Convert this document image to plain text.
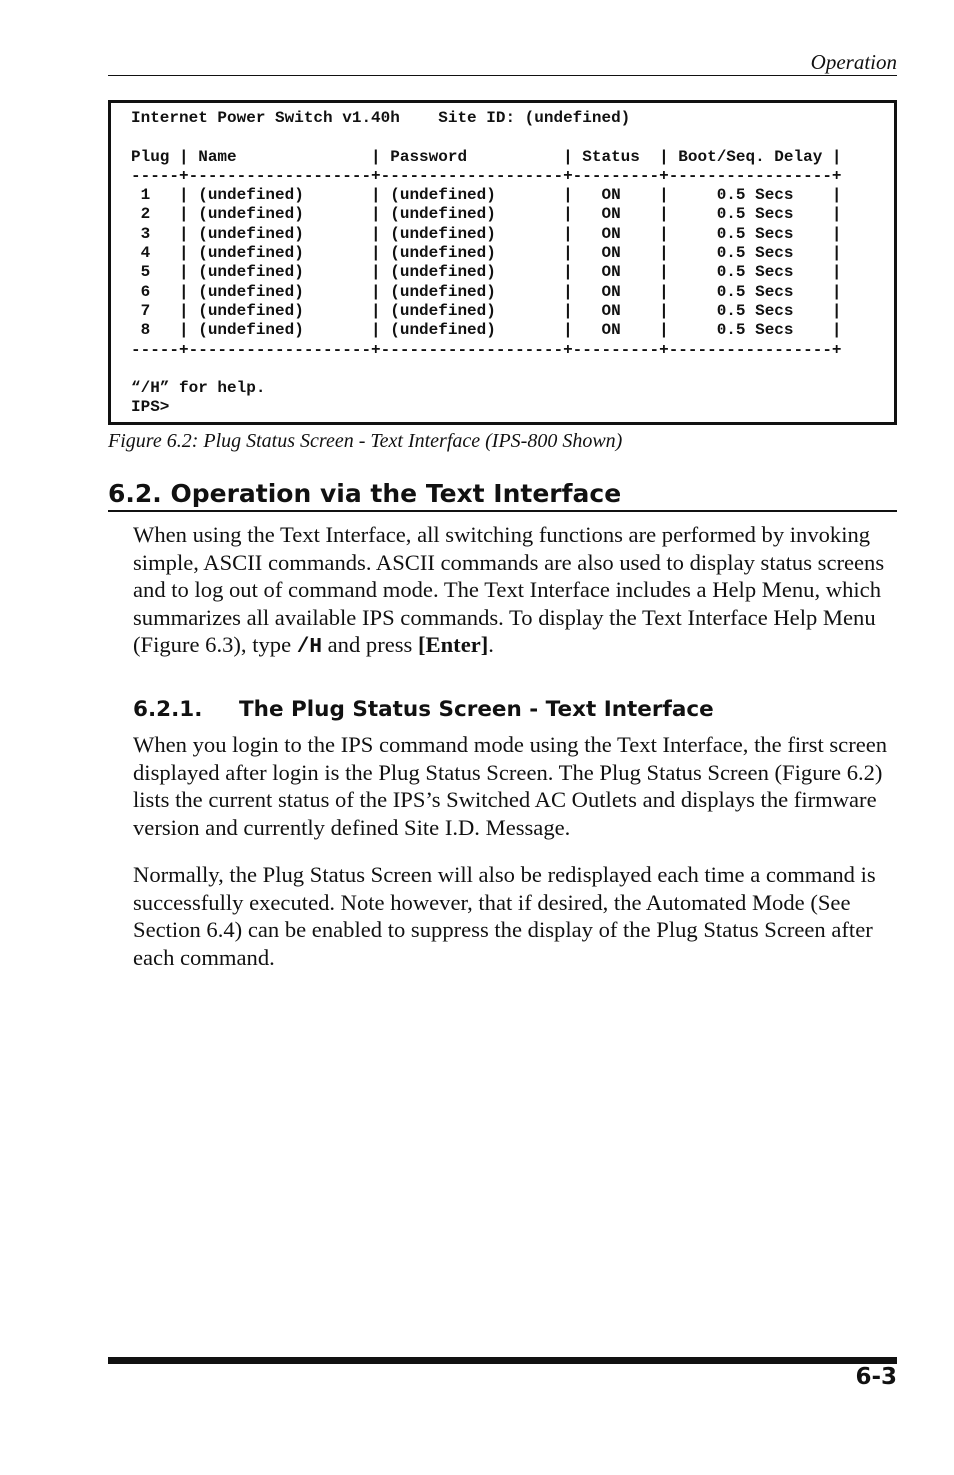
Operation
Internet Power Switch v1.40h    Site ID: (undefined)

Plug | Name              | Password          | Status  | Boot/Seq. Delay |
-----+-------------------+-------------------+---------+-----------------+
1   | (undefined)       | (undefined)       |   ON    |     0.5 Secs    |
2   | (undefined)       | (undefined)       |   ON    |     0.5 Secs    |
3   | (undefined)       | (undefined)       |   ON    |     0.5 Secs    |
4   | (undefined)       | (undefined)       |   ON    |     0.5 Secs    |
5   | (undefined)       | (undefined)       |   ON    |     0.5 Secs    |
6   | (undefined)       | (undefined)       |   ON    |     0.5 Secs    |
7   | (undefined)       | (undefined)       |   ON    |     0.5 Secs    |
8   | (undefined)       | (undefined)       |   ON    |     0.5 Secs    |
-----+-------------------+-------------------+---------+-----------------+

“/H” for help.
IPS>
Figure 6.2: Plug Status Screen - Text Interface (IPS-800 Shown)
6.2. Operation via the Text Interface

When using the Text Interface, all switching functions are performed by invoking simple, ASCII commands. ASCII commands are also used to display status screens and to log out of command mode. The Text Interface includes a Help Menu, which summarizes all available IPS commands. To display the Text Interface Help Menu (Figure 6.3), type /H and press [Enter].

6.2.1. The Plug Status Screen - Text Interface

When you login to the IPS command mode using the Text Interface, the first screen displayed after login is the Plug Status Screen. The Plug Status Screen (Figure 6.2) lists the current status of the IPS’s Switched AC Outlets and displays the firmware version and currently defined Site I.D. Message.

Normally, the Plug Status Screen will also be redisplayed each time a command is successfully executed. Note however, that if desired, the Automated Mode (See Section 6.4) can be enabled to suppress the display of the Plug Status Screen after each command.

6-3
